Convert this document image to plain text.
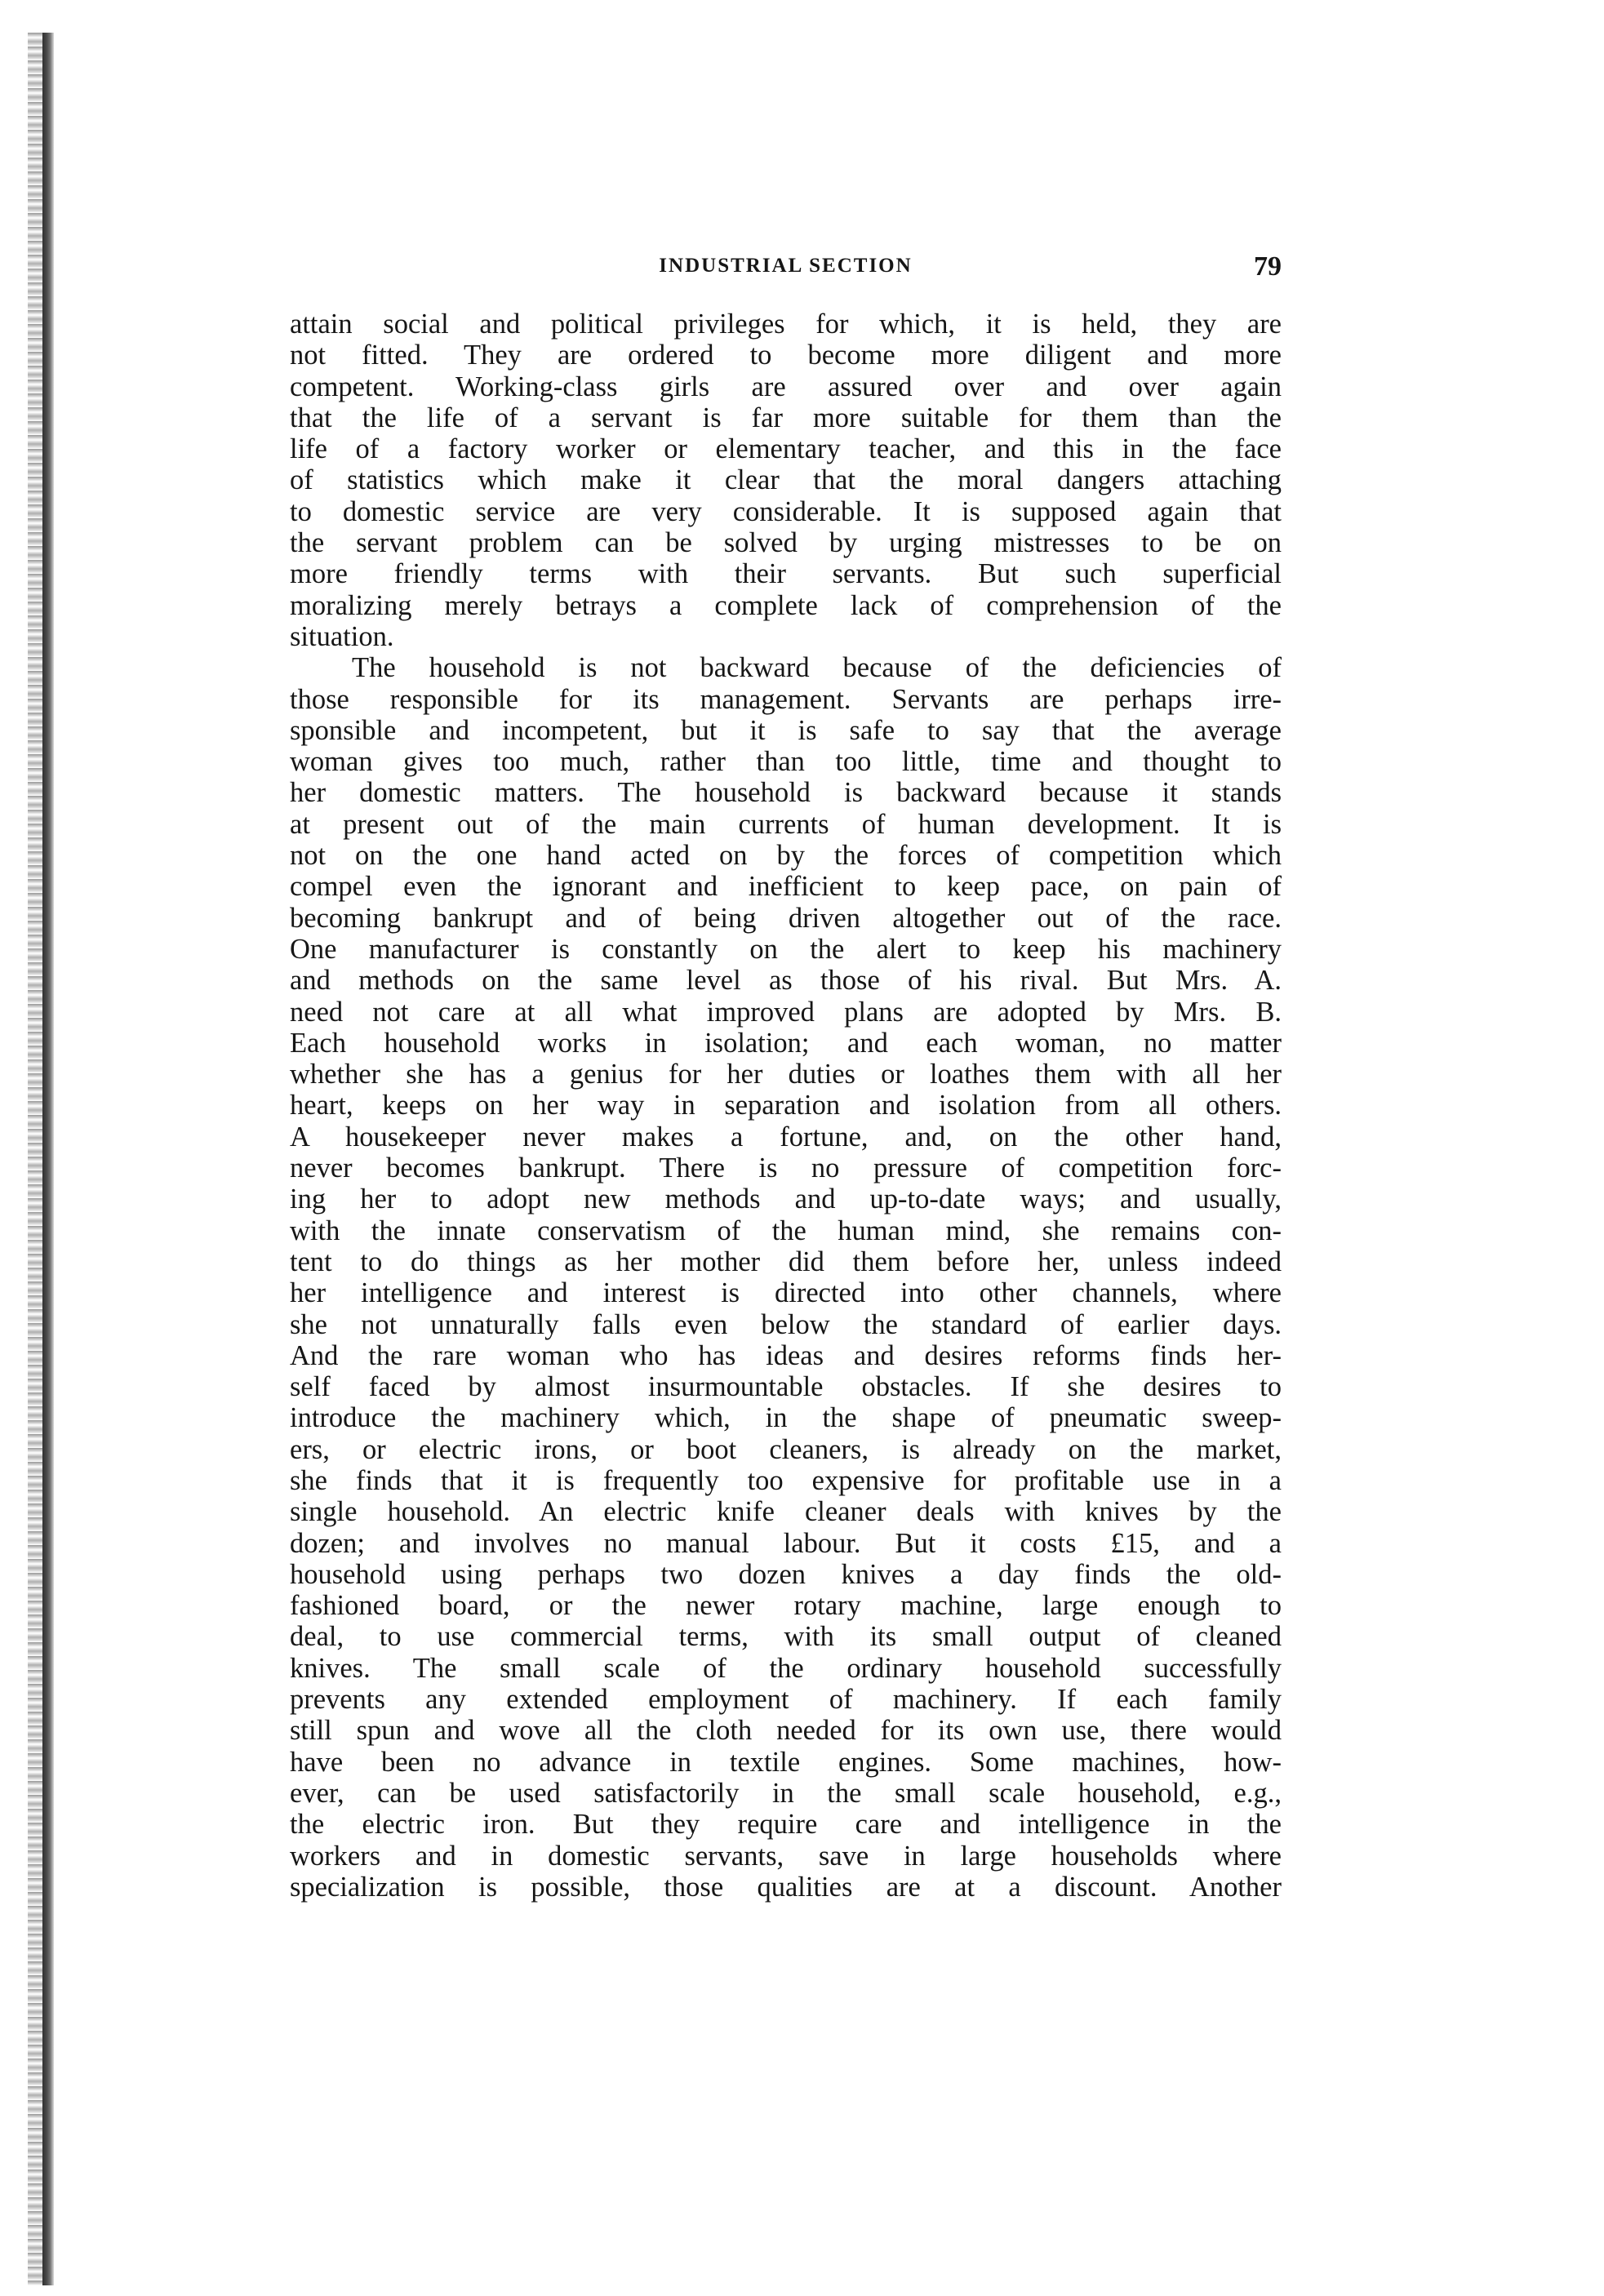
INDUSTRIAL SECTION	79
attain social and political privileges for which, it is held, they are
not fitted. They are ordered to become more diligent and more
competent. Working-class girls are assured over and over again
that the life of a servant is far more suitable for them than the
life of a factory worker or elementary teacher, and this in the face
of statistics which make it clear that the moral dangers attaching
to domestic service are very considerable. It is supposed again that
the servant problem can be solved by urging mistresses to be on
more friendly terms with their servants. But such superficial
moralizing merely betrays a complete lack of comprehension of the
situation.
The household is not backward because of the deficiencies of
those responsible for its management. Servants are perhaps irre-
sponsible and incompetent, but it is safe to say that the average
woman gives too much, rather than too little, time and thought to
her domestic matters. The household is backward because it stands
at present out of the main currents of human development. It is
not on the one hand acted on by the forces of competition which
compel even the ignorant and inefficient to keep pace, on pain of
becoming bankrupt and of being driven altogether out of the race.
One manufacturer is constantly on the alert to keep his machinery
and methods on the same level as those of his rival. But Mrs. A.
need not care at all what improved plans are adopted by Mrs. B.
Each household works in isolation; and each woman, no matter
whether she has a genius for her duties or loathes them with all her
heart, keeps on her way in separation and isolation from all others.
A housekeeper never makes a fortune, and, on the other hand,
never becomes bankrupt. There is no pressure of competition forc-
ing her to adopt new methods and up-to-date ways; and usually,
with the innate conservatism of the human mind, she remains con-
tent to do things as her mother did them before her, unless indeed
her intelligence and interest is directed into other channels, where
she not unnaturally falls even below the standard of earlier days.
And the rare woman who has ideas and desires reforms finds her-
self faced by almost insurmountable obstacles. If she desires to
introduce the machinery which, in the shape of pneumatic sweep-
ers, or electric irons, or boot cleaners, is already on the market,
she finds that it is frequently too expensive for profitable use in a
single household. An electric knife cleaner deals with knives by the
dozen; and involves no manual labour. But it costs £15, and a
household using perhaps two dozen knives a day finds the old-
fashioned board, or the newer rotary machine, large enough to
deal, to use commercial terms, with its small output of cleaned
knives. The small scale of the ordinary household successfully
prevents any extended employment of machinery. If each family
still spun and wove all the cloth needed for its own use, there would
have been no advance in textile engines. Some machines, how-
ever, can be used satisfactorily in the small scale household, e.g.,
the electric iron. But they require care and intelligence in the
workers and in domestic servants, save in large households where
specialization is possible, those qualities are at a discount. Another
